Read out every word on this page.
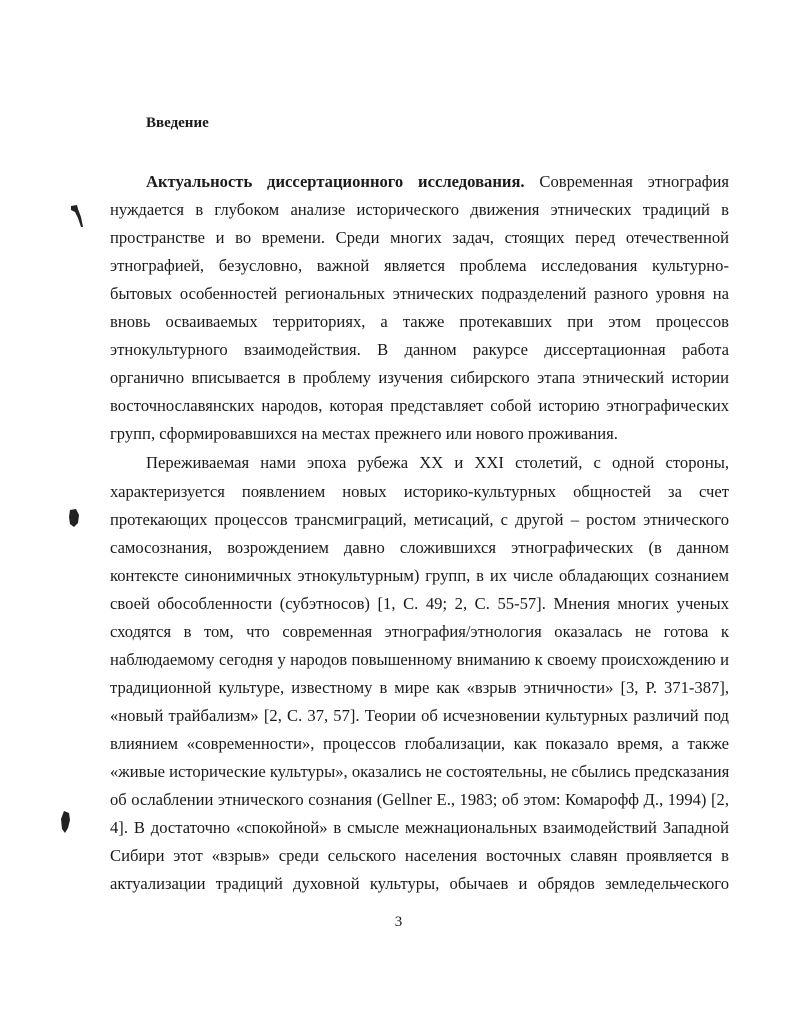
Введение
Актуальность диссертационного исследования. Современная этнография
нуждается в глубоком анализе исторического движения этнических традиций в
пространстве и во времени. Среди многих задач, стоящих перед отечественной
этнографией, безусловно, важной является проблема исследования культурно-
бытовых особенностей региональных этнических подразделений разного уровня на
вновь осваиваемых территориях, а также протекавших при этом процессов
этнокультурного взаимодействия. В данном ракурсе диссертационная работа
органично вписывается в проблему изучения сибирского этапа этнический истории
восточнославянских народов, которая представляет собой историю этнографических
групп, сформировавшихся на местах прежнего или нового проживания.
Переживаемая нами эпоха рубежа XX и XXI столетий, с одной стороны,
характеризуется появлением новых историко-культурных общностей за счет
протекающих процессов трансмиграций, метисаций, с другой – ростом этнического
самосознания, возрождением давно сложившихся этнографических (в данном
контексте синонимичных этнокультурным) групп, в их числе обладающих сознанием
своей обособленности (субэтносов) [1, С. 49; 2, С. 55-57]. Мнения многих ученых
сходятся в том, что современная этнография/этнология оказалась не готова к
наблюдаемому сегодня у народов повышенному вниманию к своему происхождению и
традиционной культуре, известному в мире как «взрыв этничности» [3, P. 371-387],
«новый трайбализм» [2, С. 37, 57]. Теории об исчезновении культурных различий под
влиянием «современности», процессов глобализации, как показало время, а также
«живые исторические культуры», оказались не состоятельны, не сбылись предсказания
об ослаблении этнического сознания (Gellner E., 1983; об этом: Комарофф Д., 1994) [2,
4]. В достаточно «спокойной» в смысле межнациональных взаимодействий Западной
Сибири этот «взрыв» среди сельского населения восточных славян проявляется в
актуализации традиций духовной культуры, обычаев и обрядов земледельческого
3
